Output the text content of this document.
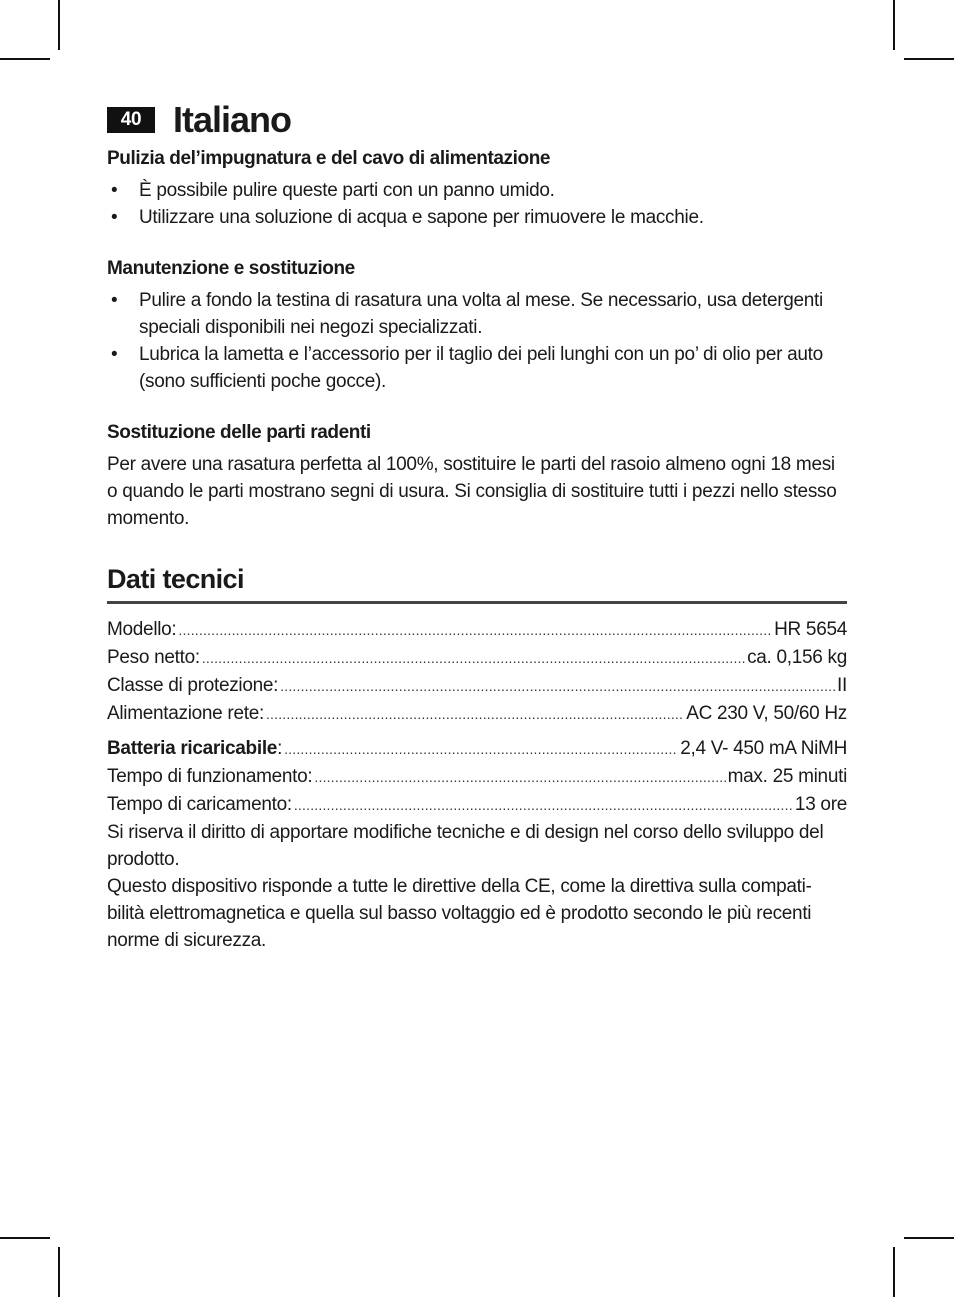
40 Italiano
Pulizia del’impugnatura e del cavo di alimentazione
• È possibile pulire queste parti con un panno umido.
• Utilizzare una soluzione di acqua e sapone per rimuovere le macchie.
Manutenzione e sostituzione
• Pulire a fondo la testina di rasatura una volta al mese. Se necessario, usa detergenti speciali disponibili nei negozi specializzati.
• Lubrica la lametta e l’accessorio per il taglio dei peli lunghi con un po’ di olio per auto (sono sufficienti poche gocce).
Sostituzione delle parti radenti

Per avere una rasatura perfetta al 100%, sostituire le parti del rasoio almeno ogni 18 mesi o quando le parti mostrano segni di usura. Si consiglia di sostituire tutti i pezzi nello stesso momento.

Dati tecnici
Modello: .....	HR 5654
Peso netto: .....	ca. 0,156 kg
Classe di protezione: .....	II
Alimentazione rete: .....	AC 230 V, 50/60 Hz
Batteria ricaricabile: .....	2,4 V- 450 mA NiMH
Tempo di funzionamento: .....	max. 25 minuti
Tempo di caricamento: .....	13 ore

Si riserva il diritto di apportare modifiche tecniche e di design nel corso dello sviluppo del prodotto.

Questo dispositivo risponde a tutte le direttive della CE, come la direttiva sulla compati-bilità elettromagnetica e quella sul basso voltaggio ed è prodotto secondo le più recenti norme di sicurezza.
